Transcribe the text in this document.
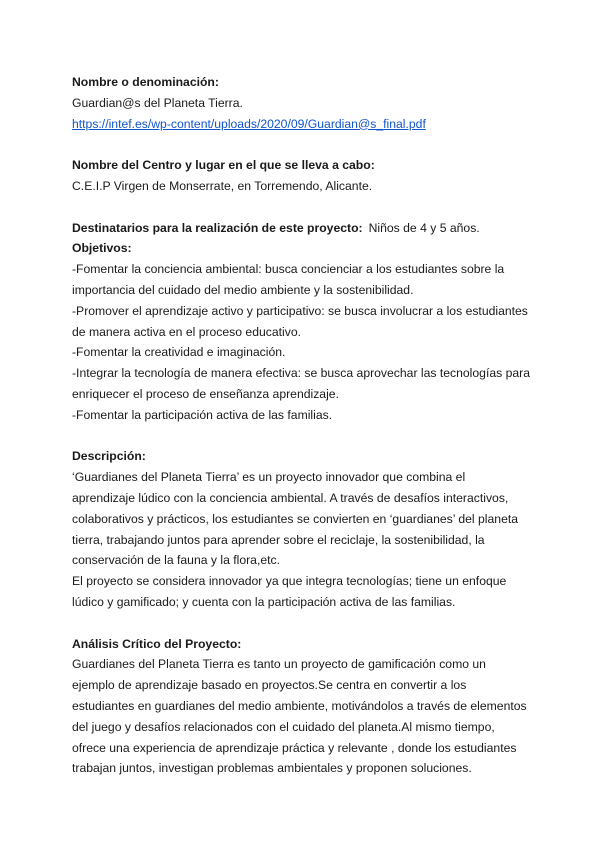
Nombre o denominación:
Guardian@s del Planeta Tierra.
https://intef.es/wp-content/uploads/2020/09/Guardian@s_final.pdf
Nombre del Centro y lugar en el que se lleva a cabo:
C.E.I.P Virgen de Monserrate, en Torremendo, Alicante.
Destinatarios para la realización de este proyecto: Niños de 4 y 5 años.
Objetivos:
-Fomentar la conciencia ambiental: busca concienciar a los estudiantes sobre la
importancia del cuidado del medio ambiente y la sostenibilidad.
-Promover el aprendizaje activo y participativo: se busca involucrar a los estudiantes
de manera activa en el proceso educativo.
-Fomentar la creatividad e imaginación.
-Integrar la tecnología de manera efectiva: se busca aprovechar las tecnologías para
enriquecer el proceso de enseñanza aprendizaje.
-Fomentar la participación activa de las familias.
Descripción:
‘Guardianes del Planeta Tierra’ es un proyecto innovador que combina el
aprendizaje lúdico con la conciencia ambiental. A través de desafíos interactivos,
colaborativos y prácticos, los estudiantes se convierten en ‘guardianes’ del planeta
tierra, trabajando juntos para aprender sobre el reciclaje, la sostenibilidad, la
conservación de la fauna y la flora,etc.
El proyecto se considera innovador ya que integra tecnologías; tiene un enfoque
lúdico y gamificado; y cuenta con la participación activa de las familias.
Análisis Crítico del Proyecto:
Guardianes del Planeta Tierra es tanto un proyecto de gamificación como un
ejemplo de aprendizaje basado en proyectos.Se centra en convertir a los
estudiantes en guardianes del medio ambiente, motivándolos a través de elementos
del juego y desafíos relacionados con el cuidado del planeta.Al mismo tiempo,
ofrece una experiencia de aprendizaje práctica y relevante , donde los estudiantes
trabajan juntos, investigan problemas ambientales y proponen soluciones.
